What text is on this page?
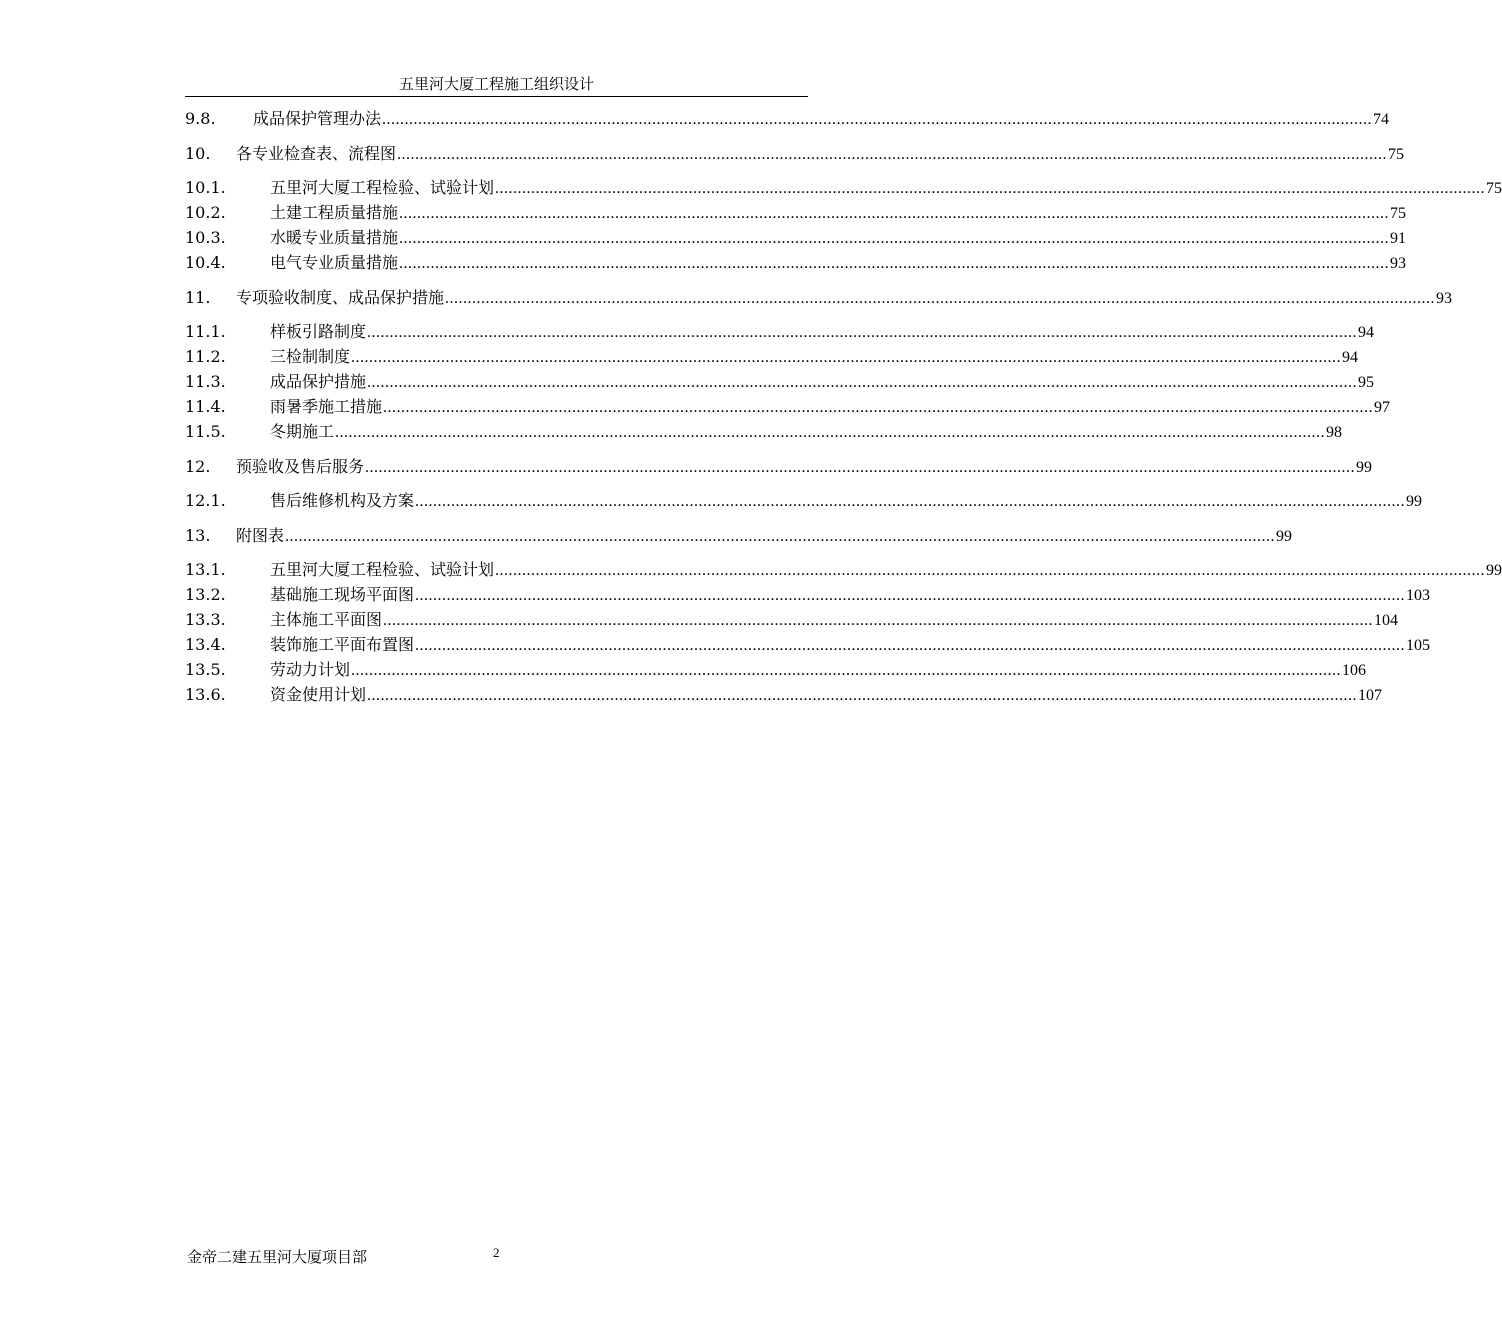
五里河大厦工程施工组织设计
9.8.	成品保护管理办法 ............................................................................................................................................................................................................................ 74
10.	各专业检查表、流程图 ............................................................................................................................................................................................................................ 75
10.1.	五里河大厦工程检验、试验计划 ............................................................................................................................................................................................................................ 75
10.2.	土建工程质量措施 ............................................................................................................................................................................................................................ 75
10.3.	水暖专业质量措施 ............................................................................................................................................................................................................................ 91
10.4.	电气专业质量措施 ............................................................................................................................................................................................................................ 93
11.	专项验收制度、成品保护措施 ............................................................................................................................................................................................................................ 93
11.1.	样板引路制度 ............................................................................................................................................................................................................................ 94
11.2.	三检制制度 ............................................................................................................................................................................................................................ 94
11.3.	成品保护措施 ............................................................................................................................................................................................................................ 95
11.4.	雨暑季施工措施 ............................................................................................................................................................................................................................ 97
11.5.	冬期施工 ............................................................................................................................................................................................................................ 98
12.	预验收及售后服务 ............................................................................................................................................................................................................................ 99
12.1.	售后维修机构及方案 ............................................................................................................................................................................................................................ 99
13.	附图表 ............................................................................................................................................................................................................................ 99
13.1.	五里河大厦工程检验、试验计划 ............................................................................................................................................................................................................................ 99
13.2.	基础施工现场平面图 ............................................................................................................................................................................................................................ 103
13.3.	主体施工平面图 ............................................................................................................................................................................................................................ 104
13.4.	装饰施工平面布置图 ............................................................................................................................................................................................................................ 105
13.5.	劳动力计划 ............................................................................................................................................................................................................................ 106
13.6.	资金使用计划 ............................................................................................................................................................................................................................ 107
金帝二建五里河大厦项目部	2
